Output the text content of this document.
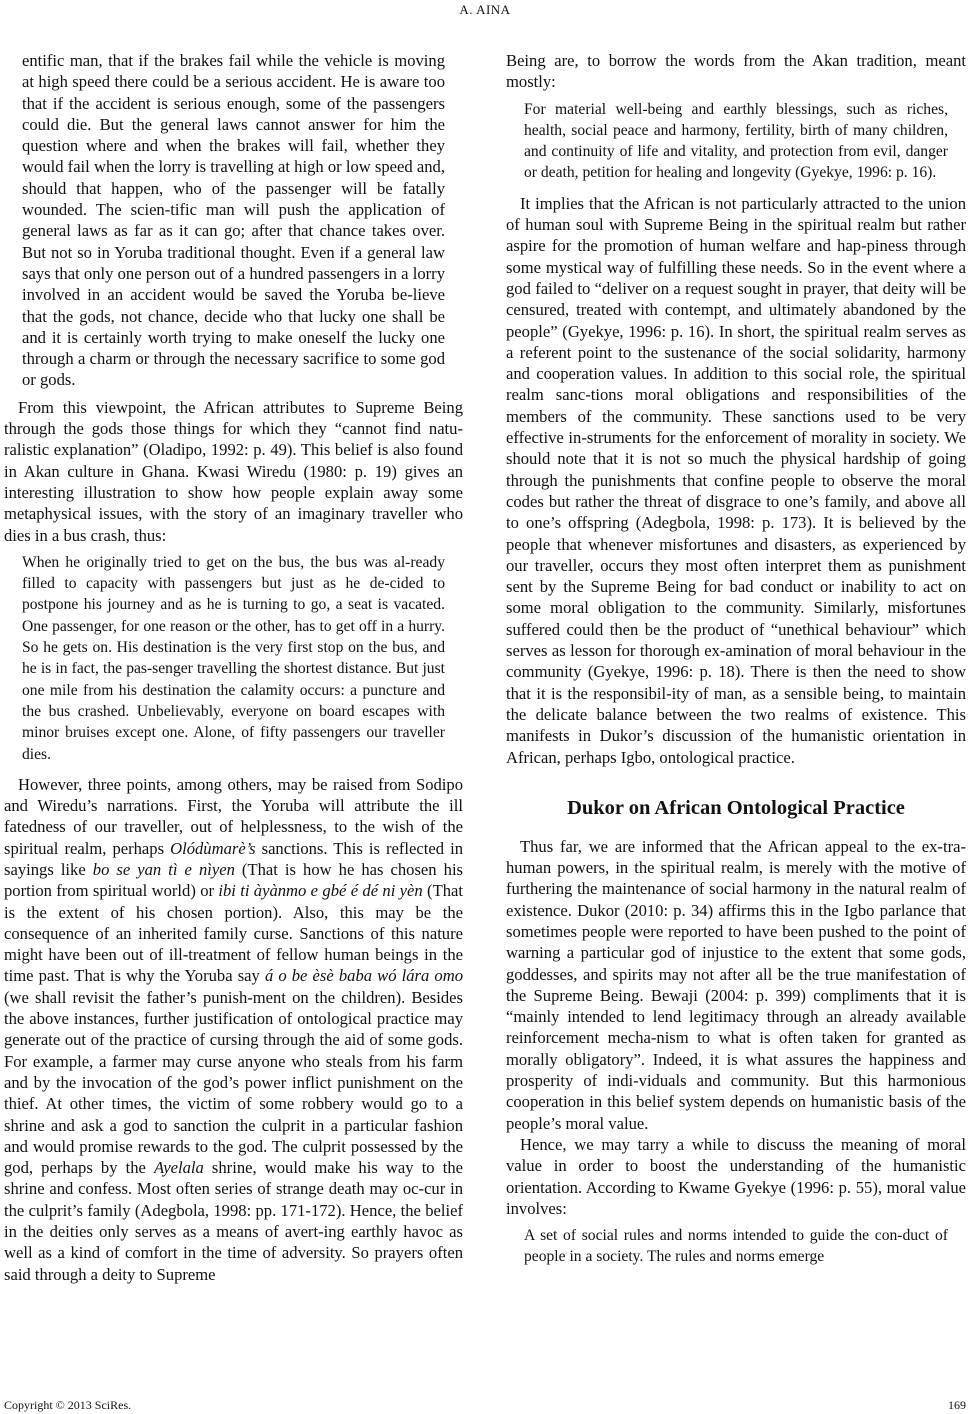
A. AINA

entific man, that if the brakes fail while the vehicle is moving at high speed there could be a serious accident. He is aware too that if the accident is serious enough, some of the passengers could die. But the general laws cannot answer for him the question where and when the brakes will fail, whether they would fail when the lorry is travelling at high or low speed and, should that happen, who of the passenger will be fatally wounded. The scien-tific man will push the application of general laws as far as it can go; after that chance takes over. But not so in Yoruba traditional thought. Even if a general law says that only one person out of a hundred passengers in a lorry involved in an accident would be saved the Yoruba be-lieve that the gods, not chance, decide who that lucky one shall be and it is certainly worth trying to make oneself the lucky one through a charm or through the necessary sacrifice to some god or gods.

From this viewpoint, the African attributes to Supreme Being through the gods those things for which they “cannot find natu-ralistic explanation” (Oladipo, 1992: p. 49). This belief is also found in Akan culture in Ghana. Kwasi Wiredu (1980: p. 19) gives an interesting illustration to show how people explain away some metaphysical issues, with the story of an imaginary traveller who dies in a bus crash, thus:

When he originally tried to get on the bus, the bus was al-ready filled to capacity with passengers but just as he de-cided to postpone his journey and as he is turning to go, a seat is vacated. One passenger, for one reason or the other, has to get off in a hurry. So he gets on. His destination is the very first stop on the bus, and he is in fact, the pas-senger travelling the shortest distance. But just one mile from his destination the calamity occurs: a puncture and the bus crashed. Unbelievably, everyone on board escapes with minor bruises except one. Alone, of fifty passengers our traveller dies.

However, three points, among others, may be raised from Sodipo and Wiredu’s narrations. First, the Yoruba will attribute the ill fatedness of our traveller, out of helplessness, to the wish of the spiritual realm, perhaps Olódùmarè’s sanctions. This is reflected in sayings like bo se yan tì e nìyen (That is how he has chosen his portion from spiritual world) or ibi ti àyànmo e gbé é dé ni yèn (That is the extent of his chosen portion). Also, this may be the consequence of an inherited family curse. Sanctions of this nature might have been out of ill-treatment of fellow human beings in the time past. That is why the Yoruba say á o be èsè baba wó lára omo (we shall revisit the father’s punish-ment on the children). Besides the above instances, further justification of ontological practice may generate out of the practice of cursing through the aid of some gods. For example, a farmer may curse anyone who steals from his farm and by the invocation of the god’s power inflict punishment on the thief. At other times, the victim of some robbery would go to a shrine and ask a god to sanction the culprit in a particular fashion and would promise rewards to the god. The culprit possessed by the god, perhaps by the Ayelala shrine, would make his way to the shrine and confess. Most often series of strange death may oc-cur in the culprit’s family (Adegbola, 1998: pp. 171-172). Hence, the belief in the deities only serves as a means of avert-ing earthly havoc as well as a kind of comfort in the time of adversity. So prayers often said through a deity to Supreme

Being are, to borrow the words from the Akan tradition, meant mostly:

For material well-being and earthly blessings, such as riches, health, social peace and harmony, fertility, birth of many children, and continuity of life and vitality, and protection from evil, danger or death, petition for healing and longevity (Gyekye, 1996: p. 16).

It implies that the African is not particularly attracted to the union of human soul with Supreme Being in the spiritual realm but rather aspire for the promotion of human welfare and hap-piness through some mystical way of fulfilling these needs. So in the event where a god failed to “deliver on a request sought in prayer, that deity will be censured, treated with contempt, and ultimately abandoned by the people” (Gyekye, 1996: p. 16). In short, the spiritual realm serves as a referent point to the sustenance of the social solidarity, harmony and cooperation values. In addition to this social role, the spiritual realm sanc-tions moral obligations and responsibilities of the members of the community. These sanctions used to be very effective in-struments for the enforcement of morality in society. We should note that it is not so much the physical hardship of going through the punishments that confine people to observe the moral codes but rather the threat of disgrace to one’s family, and above all to one’s offspring (Adegbola, 1998: p. 173). It is believed by the people that whenever misfortunes and disasters, as experienced by our traveller, occurs they most often interpret them as punishment sent by the Supreme Being for bad conduct or inability to act on some moral obligation to the community. Similarly, misfortunes suffered could then be the product of “unethical behaviour” which serves as lesson for thorough ex-amination of moral behaviour in the community (Gyekye, 1996: p. 18). There is then the need to show that it is the responsibil-ity of man, as a sensible being, to maintain the delicate balance between the two realms of existence. This manifests in Dukor’s discussion of the humanistic orientation in African, perhaps Igbo, ontological practice.

Dukor on African Ontological Practice

Thus far, we are informed that the African appeal to the ex-tra-human powers, in the spiritual realm, is merely with the motive of furthering the maintenance of social harmony in the natural realm of existence. Dukor (2010: p. 34) affirms this in the Igbo parlance that sometimes people were reported to have been pushed to the point of warning a particular god of injustice to the extent that some gods, goddesses, and spirits may not after all be the true manifestation of the Supreme Being. Bewaji (2004: p. 399) compliments that it is “mainly intended to lend legitimacy through an already available reinforcement mecha-nism to what is often taken for granted as morally obligatory”. Indeed, it is what assures the happiness and prosperity of indi-viduals and community. But this harmonious cooperation in this belief system depends on humanistic basis of the people’s moral value.

Hence, we may tarry a while to discuss the meaning of moral value in order to boost the understanding of the humanistic orientation. According to Kwame Gyekye (1996: p. 55), moral value involves:

A set of social rules and norms intended to guide the con-duct of people in a society. The rules and norms emerge

Copyright © 2013 SciRes.	169
